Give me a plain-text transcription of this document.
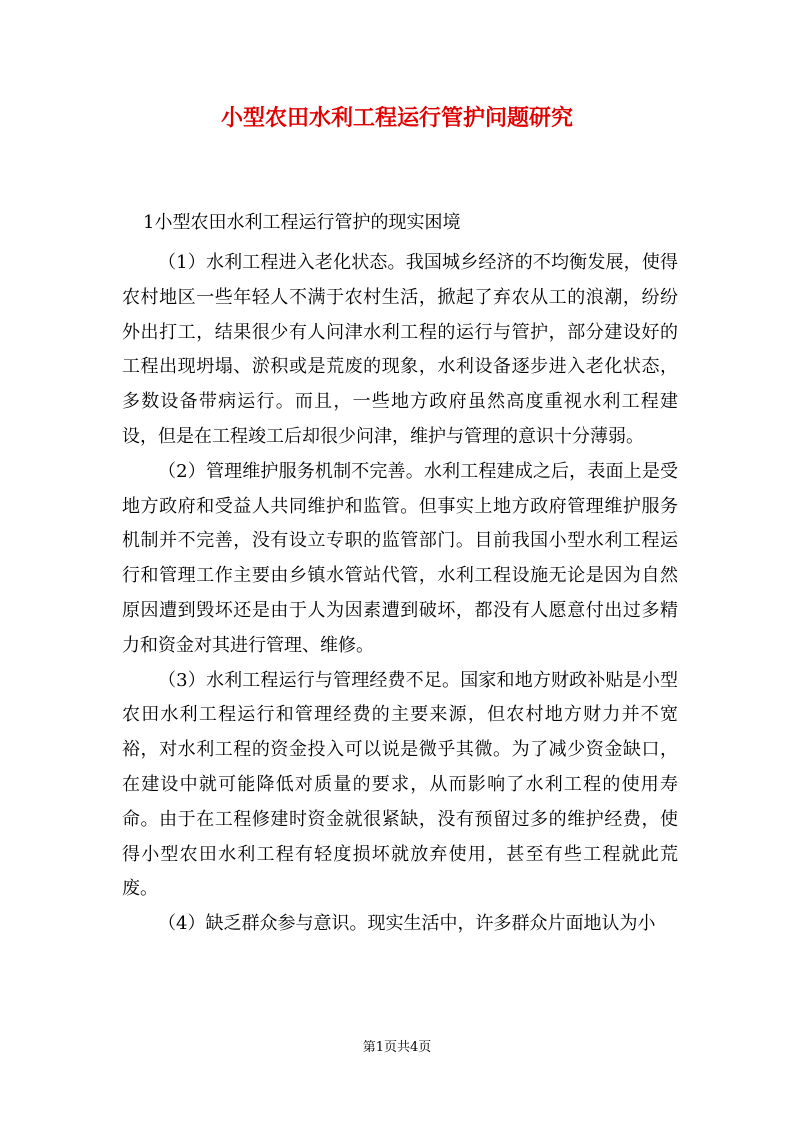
小型农田水利工程运行管护问题研究
1小型农田水利工程运行管护的现实困境

（1）水利工程进入老化状态。我国城乡经济的不均衡发展，使得农村地区一些年轻人不满于农村生活，掀起了弃农从工的浪潮，纷纷外出打工，结果很少有人问津水利工程的运行与管护，部分建设好的工程出现坍塌、淤积或是荒废的现象，水利设备逐步进入老化状态，多数设备带病运行。而且，一些地方政府虽然高度重视水利工程建设，但是在工程竣工后却很少问津，维护与管理的意识十分薄弱。

（2）管理维护服务机制不完善。水利工程建成之后，表面上是受地方政府和受益人共同维护和监管。但事实上地方政府管理维护服务机制并不完善，没有设立专职的监管部门。目前我国小型水利工程运行和管理工作主要由乡镇水管站代管，水利工程设施无论是因为自然原因遭到毁坏还是由于人为因素遭到破坏，都没有人愿意付出过多精力和资金对其进行管理、维修。

（3）水利工程运行与管理经费不足。国家和地方财政补贴是小型农田水利工程运行和管理经费的主要来源，但农村地方财力并不宽裕，对水利工程的资金投入可以说是微乎其微。为了减少资金缺口，在建设中就可能降低对质量的要求，从而影响了水利工程的使用寿命。由于在工程修建时资金就很紧缺，没有预留过多的维护经费，使得小型农田水利工程有轻度损坏就放弃使用，甚至有些工程就此荒废。

（4）缺乏群众参与意识。现实生活中，许多群众片面地认为小

第1页共4页
